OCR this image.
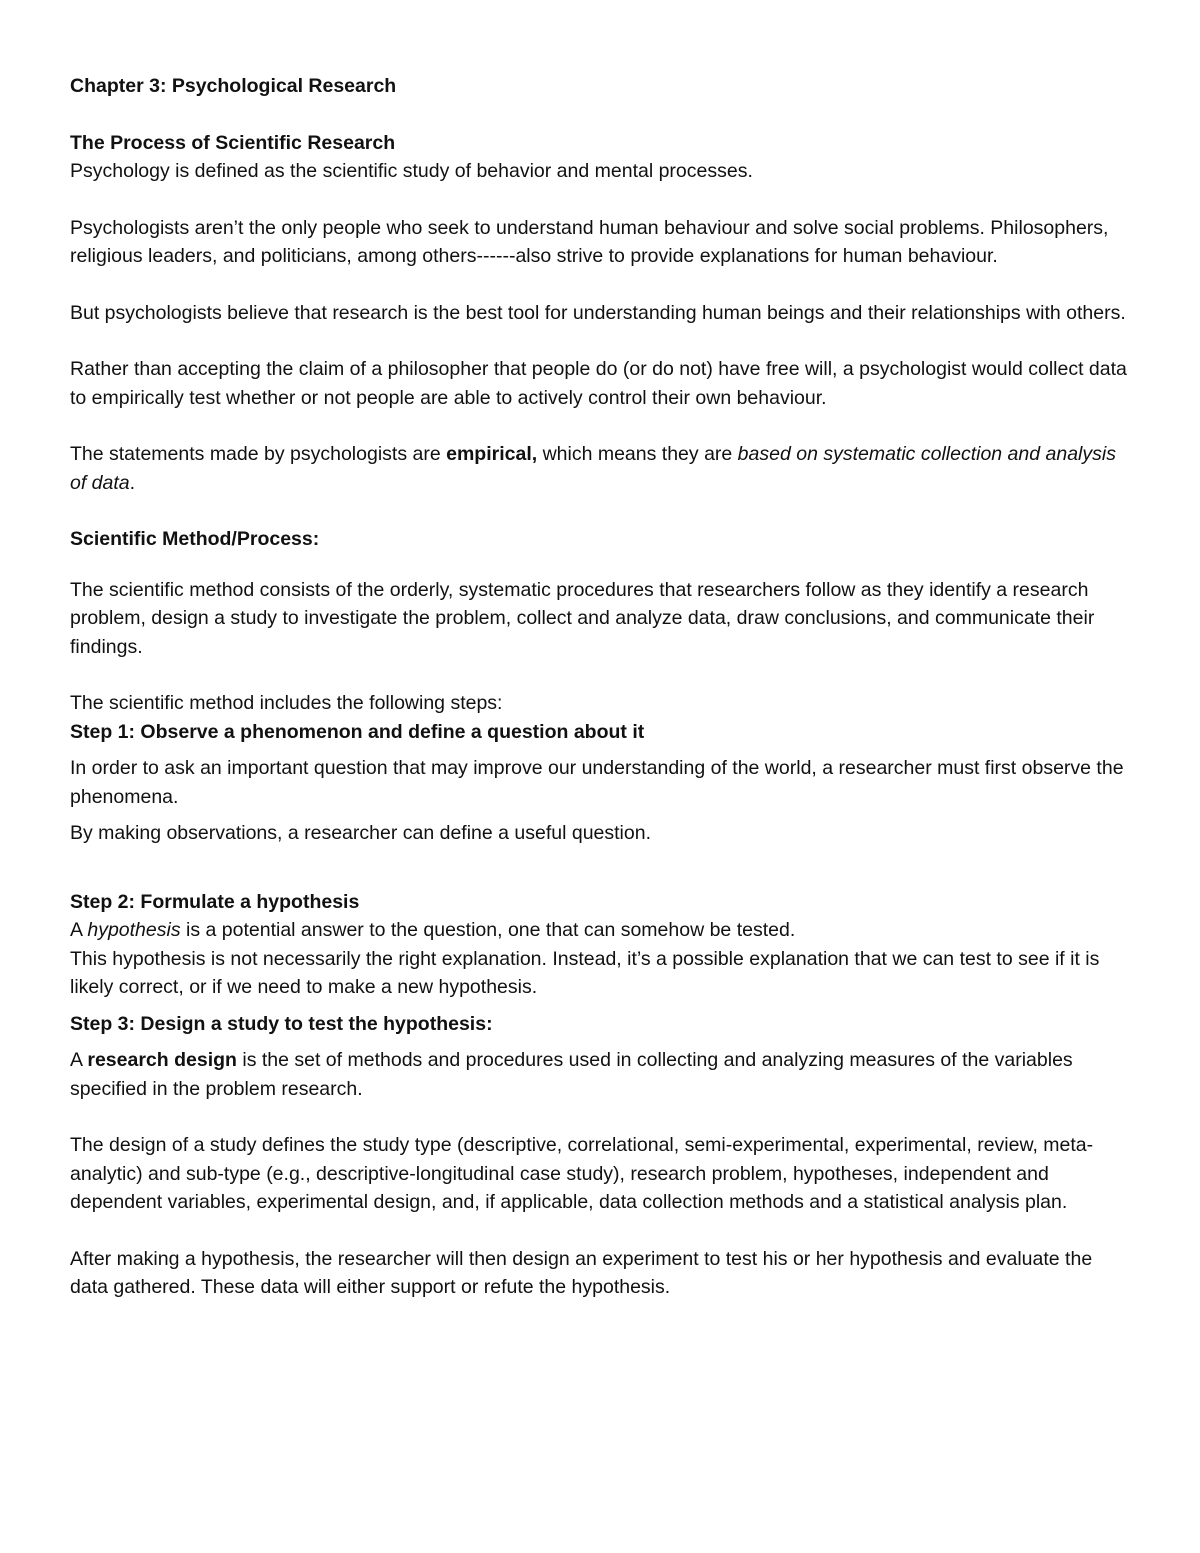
Chapter 3: Psychological Research

The Process of Scientific Research

Psychology is defined as the scientific study of behavior and mental processes.

Psychologists aren’t the only people who seek to understand human behaviour and solve social problems. Philosophers, religious leaders, and politicians, among others------also strive to provide explanations for human behaviour.

But psychologists believe that research is the best tool for understanding human beings and their relationships with others.

Rather than accepting the claim of a philosopher that people do (or do not) have free will, a psychologist would collect data to empirically test whether or not people are able to actively control their own behaviour.

The statements made by psychologists are empirical, which means they are based on systematic collection and analysis of data.

Scientific Method/Process:

The scientific method consists of the orderly, systematic procedures that researchers follow as they identify a research problem, design a study to investigate the problem, collect and analyze data, draw conclusions, and communicate their findings.

The scientific method includes the following steps:

Step 1: Observe a phenomenon and define a question about it

In order to ask an important question that may improve our understanding of the world, a researcher must first observe the phenomena.

By making observations, a researcher can define a useful question.

Step 2: Formulate a hypothesis

A hypothesis is a potential answer to the question, one that can somehow be tested.

This hypothesis is not necessarily the right explanation. Instead, it’s a possible explanation that we can test to see if it is likely correct, or if we need to make a new hypothesis.

Step 3: Design a study to test the hypothesis:

A research design is the set of methods and procedures used in collecting and analyzing measures of the variables specified in the problem research.

The design of a study defines the study type (descriptive, correlational, semi-experimental, experimental, review, meta-analytic) and sub-type (e.g., descriptive-longitudinal case study), research problem, hypotheses, independent and dependent variables, experimental design, and, if applicable, data collection methods and a statistical analysis plan.

After making a hypothesis, the researcher will then design an experiment to test his or her hypothesis and evaluate the data gathered. These data will either support or refute the hypothesis.
